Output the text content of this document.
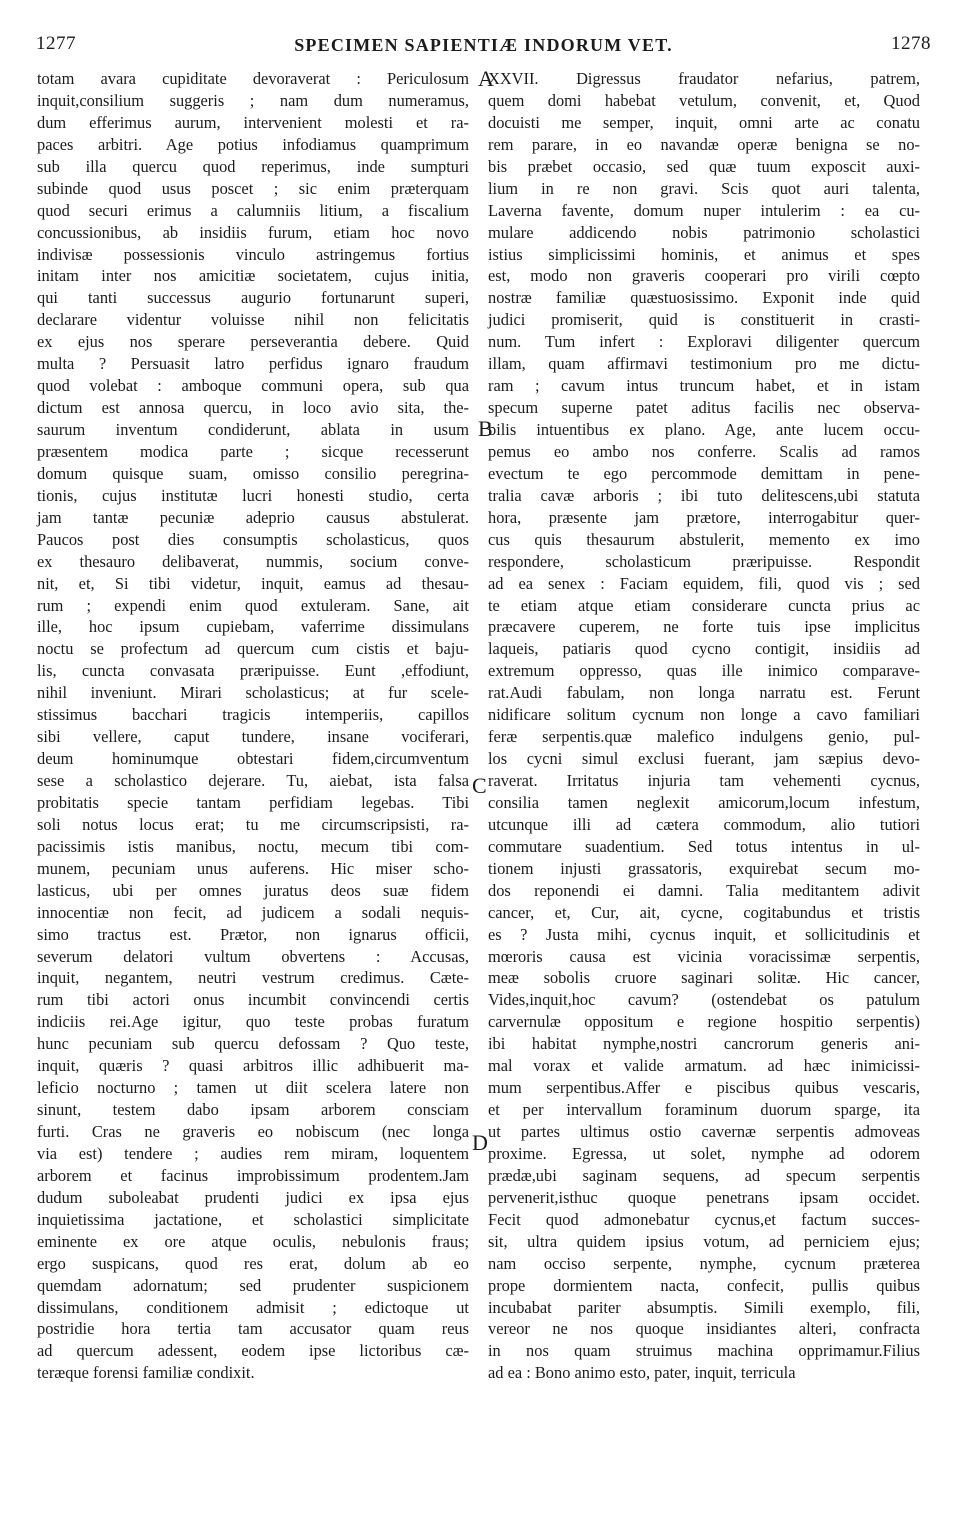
1277	SPECIMEN SAPIENTIÆ INDORUM VET.	1278
totam avara cupiditate devoraverat : Periculosum
inquit,consilium suggeris ; nam dum numeramus,
dum efferimus aurum, intervenient molesti et ra-
paces arbitri. Age potius infodiamus quamprimum
sub illa quercu quod reperimus, inde sumpturi
subinde quod usus poscet ; sic enim præterquam
quod securi erimus a calumniis litium, a fiscalium
concussionibus, ab insidiis furum, etiam hoc novo
indivisæ possessionis vinculo astringemus fortius
initam inter nos amicitiæ societatem, cujus initia,
qui tanti successus augurio fortunarunt superi,
declarare videntur voluisse nihil non felicitatis
ex ejus nos sperare perseverantia debere. Quid
multa ? Persuasit latro perfidus ignaro fraudum
quod volebat : amboque communi opera, sub qua
dictum est annosa quercu, in loco avio sita, the-
saurum inventum condiderunt, ablata in usum
præsentem modica parte ; sicque recesserunt
domum quisque suam, omisso consilio peregrina-
tionis, cujus institutæ lucri honesti studio, certa
jam tantæ pecuniæ adeprio causus abstulerat.
Paucos post dies consumptis scholasticus, quos
ex thesauro delibaverat, nummis, socium conve-
nit, et, Si tibi videtur, inquit, eamus ad thesau-
rum ; expendi enim quod extuleram. Sane, ait
ille, hoc ipsum cupiebam, vaferrime dissimulans
noctu se profectum ad quercum cum cistis et baju-
lis, cuncta convasata præripuisse. Eunt ,effodiunt,
nihil inveniunt. Mirari scholasticus; at fur scele-
stissimus bacchari tragicis intemperiis, capillos
sibi vellere, caput tundere, insane vociferari,
deum hominumque obtestari fidem,circumventum
sese a scholastico dejerare. Tu, aiebat, ista falsa
probitatis specie tantam perfidiam legebas. Tibi
soli notus locus erat; tu me circumscripsisti, ra-
pacissimis istis manibus, noctu, mecum tibi com-
munem, pecuniam unus auferens. Hic miser scho-
lasticus, ubi per omnes juratus deos suæ fidem
innocentiæ non fecit, ad judicem a sodali nequis-
simo tractus est. Prætor, non ignarus officii,
severum delatori vultum obvertens : Accusas,
inquit, negantem, neutri vestrum credimus. Cæte-
rum tibi actori onus incumbit convincendi certis
indiciis rei.Age igitur, quo teste probas furatum
hunc pecuniam sub quercu defossam ? Quo teste,
inquit, quæris ? quasi arbitros illic adhibuerit ma-
leficio nocturno ; tamen ut diit scelera latere non
sinunt, testem dabo ipsam arborem consciam
furti. Cras ne graveris eo nobiscum (nec longa
via est) tendere ; audies rem miram, loquentem
arborem et facinus improbissimum prodentem.Jam
dudum suboleabat prudenti judici ex ipsa ejus
inquietissima jactatione, et scholastici simplicitate
eminente ex ore atque oculis, nebulonis fraus;
ergo suspicans, quod res erat, dolum ab eo
quemdam adornatum; sed prudenter suspicionem
dissimulans, conditionem admisit ; edictoque ut
postridie hora tertia tam accusator quam reus
ad quercum adessent, eodem ipse lictoribus cæ-
teræque forensi familiæ condixit.
XXVII. Digressus fraudator nefarius, patrem,
quem domi habebat vetulum, convenit, et, Quod
docuisti me semper, inquit, omni arte ac conatu
rem parare, in eo navandæ operæ benigna se no-
bis præbet occasio, sed quæ tuum exposcit auxi-
lium in re non gravi. Scis quot auri talenta,
Laverna favente, domum nuper intulerim : ea cu-
mulare addicendo nobis patrimonio scholastici
istius simplicissimi hominis, et animus et spes
est, modo non graveris cooperari pro virili cœpto
nostræ familiæ quæstuosissimo. Exponit inde quid
judici promiserit, quid is constituerit in crasti-
num. Tum infert : Exploravi diligenter quercum
illam, quam affirmavi testimonium pro me dictu-
ram ; cavum intus truncum habet, et in istam
specum superne patet aditus facilis nec observa-
bilis intuentibus ex plano. Age, ante lucem occu-
pemus eo ambo nos conferre. Scalis ad ramos
evectum te ego percommode demittam in pene-
tralia cavæ arboris ; ibi tuto delitescens,ubi statuta
hora, præsente jam prætore, interrogabitur quer-
cus quis thesaurum abstulerit, memento ex imo
respondere, scholasticum præripuisse. Respondit
ad ea senex : Faciam equidem, fili, quod vis ; sed
te etiam atque etiam considerare cuncta prius ac
præcavere cuperem, ne forte tuis ipse implicitus
laqueis, patiaris quod cycno contigit, insidiis ad
extremum oppresso, quas ille inimico comparave-
rat.Audi fabulam, non longa narratu est. Ferunt
nidificare solitum cycnum non longe a cavo familiari
feræ serpentis.quæ malefico indulgens genio, pul-
los cycni simul exclusi fuerant, jam sæpius devo-
raverat. Irritatus injuria tam vehementi cycnus,
consilia tamen neglexit amicorum,locum infestum,
utcunque illi ad cætera commodum, alio tutiori
commutare suadentium. Sed totus intentus in ul-
tionem injusti grassatoris, exquirebat secum mo-
dos reponendi ei damni. Talia meditantem adivit
cancer, et, Cur, ait, cycne, cogitabundus et tristis
es ? Justa mihi, cycnus inquit, et sollicitudinis et
mœroris causa est vicinia voracissimæ serpentis,
meæ sobolis cruore saginari solitæ. Hic cancer,
Vides,inquit,hoc cavum? (ostendebat os patulum
carvernulæ oppositum e regione hospitio serpentis)
ibi habitat nymphe,nostri cancrorum generis ani-
mal vorax et valide armatum. ad hæc inimicissi-
mum serpentibus.Affer e piscibus quibus vescaris,
et per intervallum foraminum duorum sparge, ita
ut partes ultimus ostio cavernæ serpentis admoveas
proxime. Egressa, ut solet, nymphe ad odorem
prædæ,ubi saginam sequens, ad specum serpentis
pervenerit,isthuc quoque penetrans ipsam occidet.
Fecit quod admonebatur cycnus,et factum succes-
sit, ultra quidem ipsius votum, ad perniciem ejus;
nam occiso serpente, nymphe, cycnum præterea
prope dormientem nacta, confecit, pullis quibus
incubabat pariter absumptis. Simili exemplo, fili,
vereor ne nos quoque insidiantes alteri, confracta
in nos quam struimus machina opprimamur.Filius
ad ea : Bono animo esto, pater, inquit, terricula
A
B
C
D
